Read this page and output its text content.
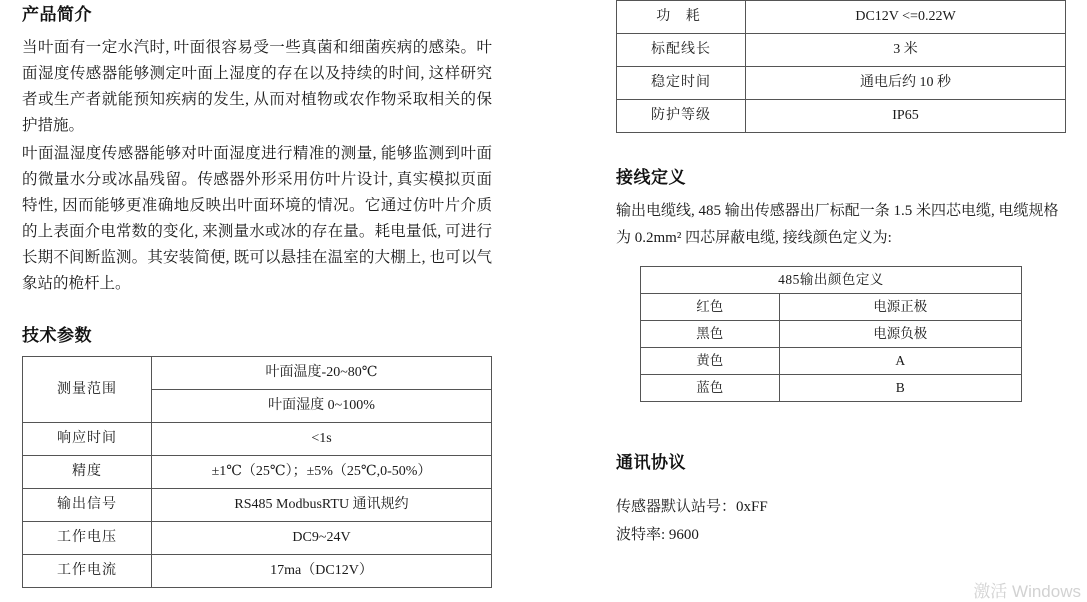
产品简介

当叶面有一定水汽时, 叶面很容易受一些真菌和细菌疾病的感染。叶面湿度传感器能够测定叶面上湿度的存在以及持续的时间, 这样研究者或生产者就能预知疾病的发生, 从而对植物或农作物采取相关的保护措施。

叶面温湿度传感器能够对叶面湿度进行精准的测量, 能够监测到叶面的微量水分或冰晶残留。传感器外形采用仿叶片设计, 真实模拟页面特性, 因而能够更准确地反映出叶面环境的情况。它通过仿叶片介质的上表面介电常数的变化, 来测量水或冰的存在量。耗电量低, 可进行长期不间断监测。其安装简便, 既可以悬挂在温室的大棚上, 也可以气象站的桅杆上。

技术参数
测量范围	叶面温度-20~80℃
	叶面湿度 0~100%
响应时间	<1s
精度	±1℃（25℃）；±5%（25℃,0-50%）
输出信号	RS485 ModbusRTU 通讯规约
工作电压	DC9~24V
工作电流	17ma（DC12V）
功 耗	DC12V <=0.22W
标配线长	3 米
稳定时间	通电后约 10 秒
防护等级	IP65
接线定义

输出电缆线, 485 输出传感器出厂标配一条 1.5 米四芯电缆, 电缆规格为 0.2mm² 四芯屏蔽电缆, 接线颜色定义为:

485输出颜色定义	
红色	电源正极
黑色	电源负极
黄色	A
蓝色	B
通讯协议

传感器默认站号：0xFF

波特率: 9600

激活 Windows
